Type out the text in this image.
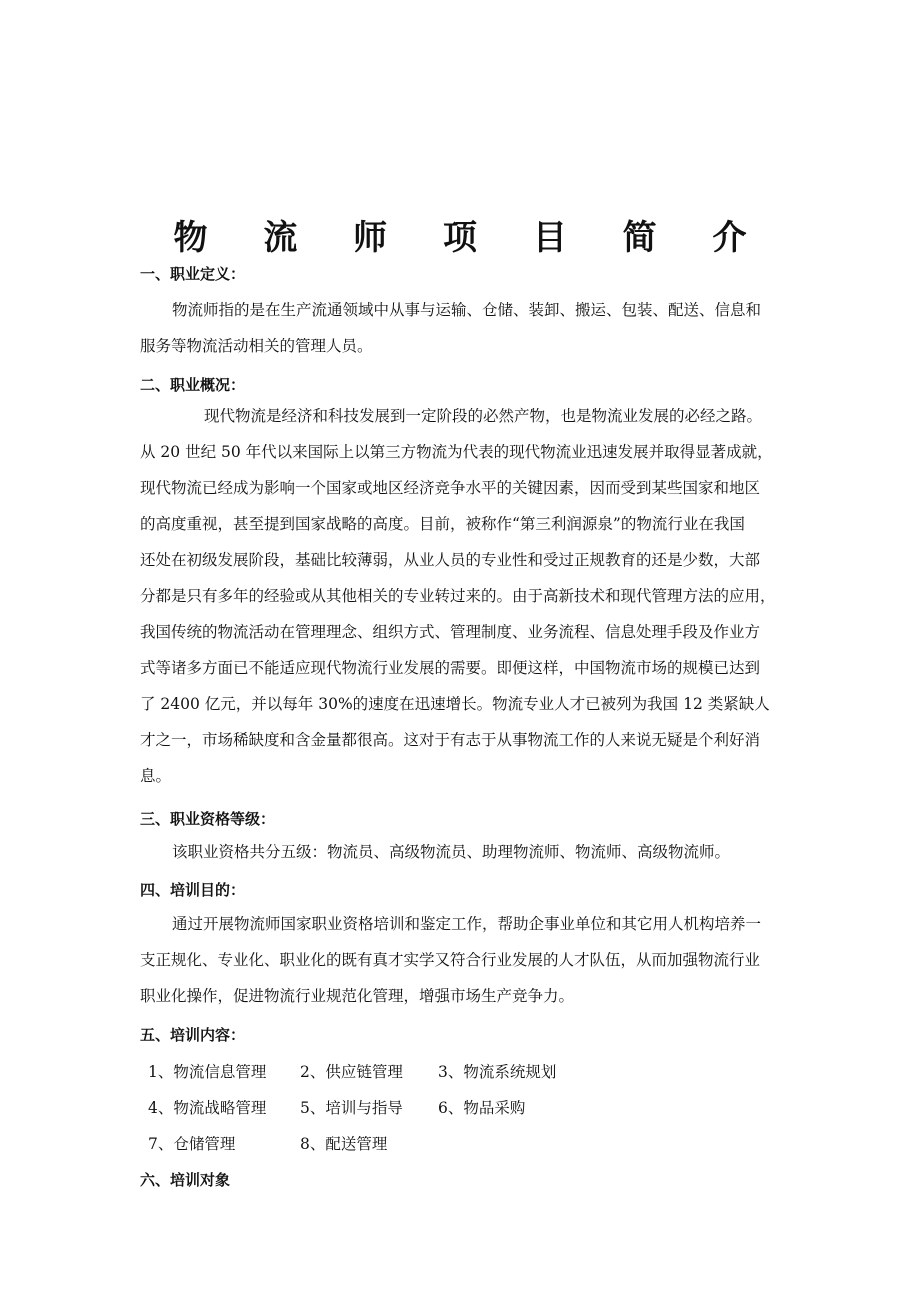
物 流 师 项 目 简 介
一、职业定义：
物流师指的是在生产流通领域中从事与运输、仓储、装卸、搬运、包装、配送、信息和
服务等物流活动相关的管理人员。
二、职业概况：
现代物流是经济和科技发展到一定阶段的必然产物，也是物流业发展的必经之路。
从 20 世纪 50 年代以来国际上以第三方物流为代表的现代物流业迅速发展并取得显著成就，
现代物流已经成为影响一个国家或地区经济竞争水平的关键因素，因而受到某些国家和地区
的高度重视，甚至提到国家战略的高度。目前，被称作“第三利润源泉”的物流行业在我国
还处在初级发展阶段，基础比较薄弱，从业人员的专业性和受过正规教育的还是少数，大部
分都是只有多年的经验或从其他相关的专业转过来的。由于高新技术和现代管理方法的应用，
我国传统的物流活动在管理理念、组织方式、管理制度、业务流程、信息处理手段及作业方
式等诸多方面已不能适应现代物流行业发展的需要。即便这样，中国物流市场的规模已达到
了 2400 亿元，并以每年 30%的速度在迅速增长。物流专业人才已被列为我国 12 类紧缺人
才之一，市场稀缺度和含金量都很高。这对于有志于从事物流工作的人来说无疑是个利好消
息。
三、职业资格等级：
该职业资格共分五级：物流员、高级物流员、助理物流师、物流师、高级物流师。
四、培训目的：
通过开展物流师国家职业资格培训和鉴定工作，帮助企事业单位和其它用人机构培养一
支正规化、专业化、职业化的既有真才实学又符合行业发展的人才队伍，从而加强物流行业
职业化操作，促进物流行业规范化管理，增强市场生产竞争力。
五、培训内容：
1、物流信息管理 2、供应链管理 3、物流系统规划
4、物流战略管理 5、培训与指导 6、物品采购
7、仓储管理	8、配送管理
六、培训对象
